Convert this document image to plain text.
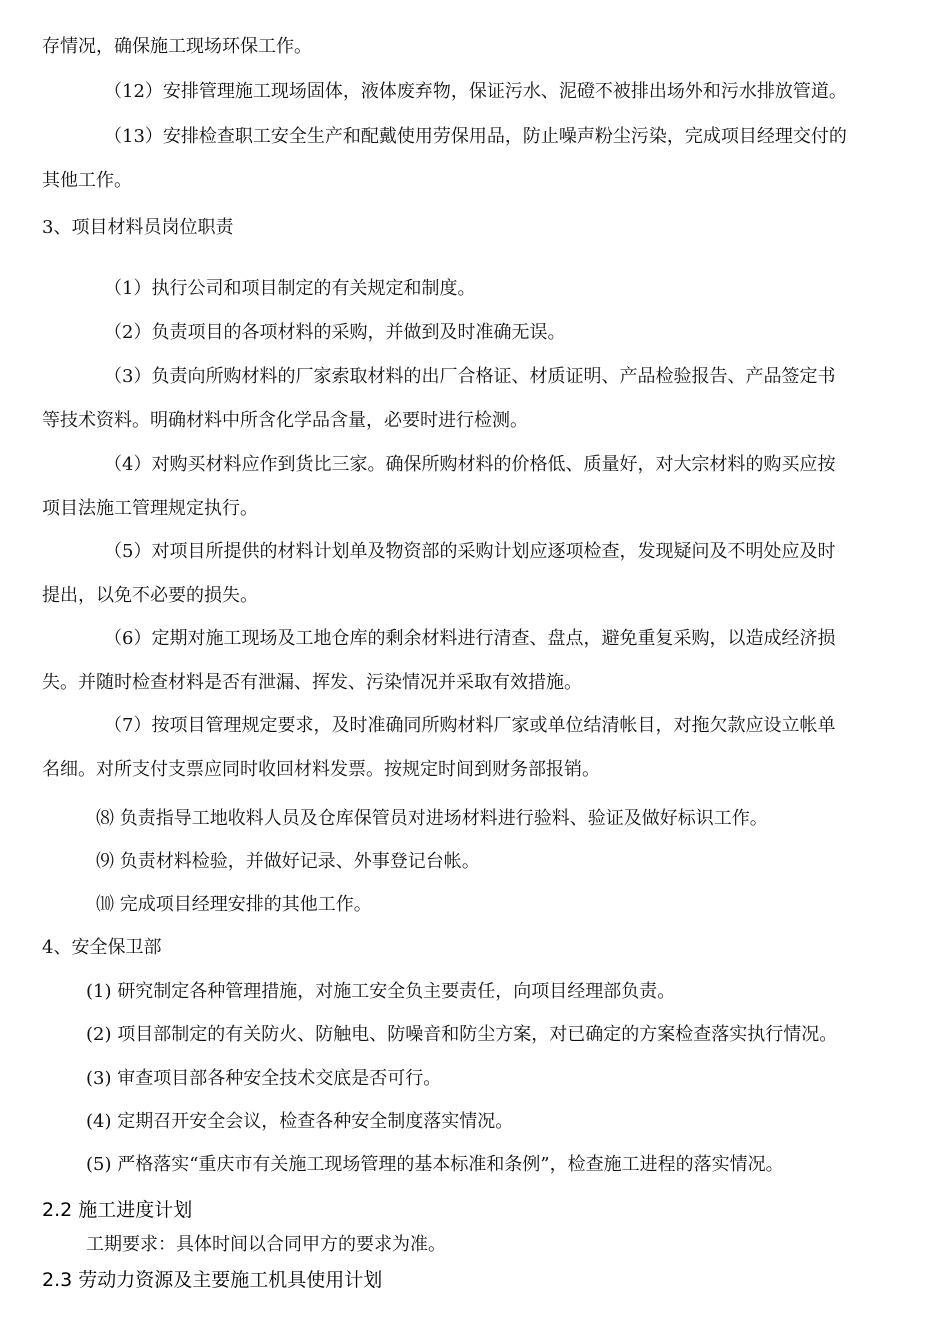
存情况，确保施工现场环保工作。
（12）安排管理施工现场固体，液体废弃物，保证污水、泥磴不被排出场外和污水排放管道。
（13）安排检查职工安全生产和配戴使用劳保用品，防止噪声粉尘污染，完成项目经理交付的
其他工作。
3、项目材料员岗位职责
（1）执行公司和项目制定的有关规定和制度。
（2）负责项目的各项材料的采购，并做到及时准确无误。
（3）负责向所购材料的厂家索取材料的出厂合格证、材质证明、产品检验报告、产品签定书
等技术资料。明确材料中所含化学品含量，必要时进行检测。
（4）对购买材料应作到货比三家。确保所购材料的价格低、质量好，对大宗材料的购买应按
项目法施工管理规定执行。
（5）对项目所提供的材料计划单及物资部的采购计划应逐项检查，发现疑问及不明处应及时
提出，以免不必要的损失。
（6）定期对施工现场及工地仓库的剩余材料进行清查、盘点，避免重复采购，以造成经济损
失。并随时检查材料是否有泄漏、挥发、污染情况并采取有效措施。
（7）按项目管理规定要求，及时准确同所购材料厂家或单位结清帐目，对拖欠款应设立帐单
名细。对所支付支票应同时收回材料发票。按规定时间到财务部报销。
⑻ 负责指导工地收料人员及仓库保管员对进场材料进行验料、验证及做好标识工作。
⑼ 负责材料检验，并做好记录、外事登记台帐。
⑽ 完成项目经理安排的其他工作。
4、安全保卫部
(1) 研究制定各种管理措施，对施工安全负主要责任，向项目经理部负责。
(2) 项目部制定的有关防火、防触电、防噪音和防尘方案，对已确定的方案检查落实执行情况。
(3) 审查项目部各种安全技术交底是否可行。
(4) 定期召开安全会议，检查各种安全制度落实情况。
(5) 严格落实“重庆市有关施工现场管理的基本标准和条例”，检查施工进程的落实情况。
2.2 施工进度计划
工期要求：具体时间以合同甲方的要求为准。
2.3 劳动力资源及主要施工机具使用计划
